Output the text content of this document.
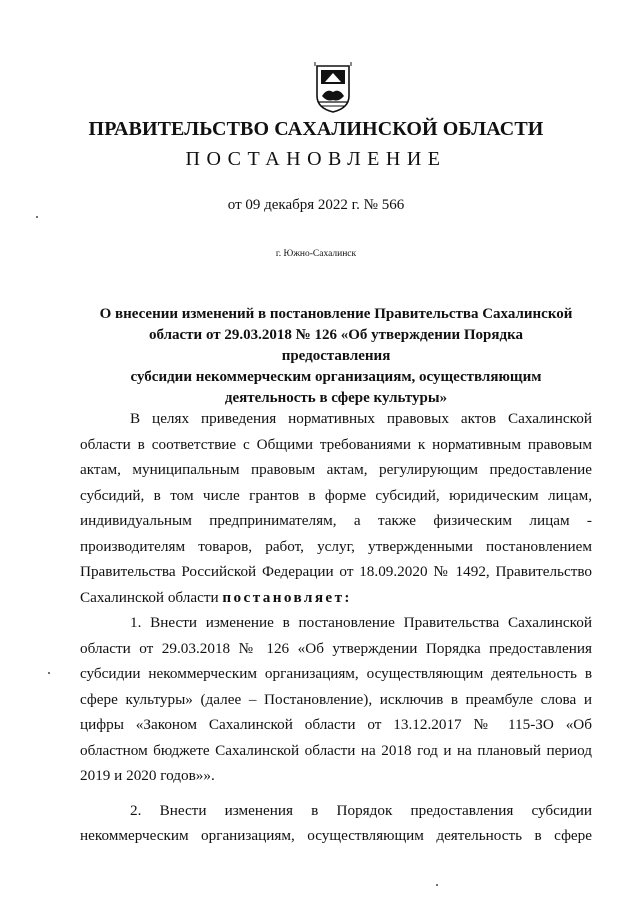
ПРАВИТЕЛЬСТВО САХАЛИНСКОЙ ОБЛАСТИ
ПОСТАНОВЛЕНИЕ
от 09 декабря 2022 г. № 566
г. Южно-Сахалинск
О внесении изменений в постановление Правительства Сахалинской
области от 29.03.2018 № 126 «Об утверждении Порядка предоставления
субсидии некоммерческим организациям, осуществляющим
деятельность в сфере культуры»
В целях приведения нормативных правовых актов Сахалинской
области в соответствие с Общими требованиями к нормативным правовым
актам, муниципальным правовым актам, регулирующим предоставление
субсидий, в том числе грантов в форме субсидий, юридическим лицам,
индивидуальным предпринимателям, а также физическим лицам -
производителям товаров, работ, услуг, утвержденными постановлением
Правительства Российской Федерации от 18.09.2020 № 1492, Правительство
Сахалинской области постановляет:
1. Внести изменение в постановление Правительства Сахалинской
области от 29.03.2018 № 126 «Об утверждении Порядка предоставления
субсидии некоммерческим организациям, осуществляющим деятельность в
сфере культуры» (далее – Постановление), исключив в преамбуле слова и
цифры «Законом Сахалинской области от 13.12.2017 № 115-ЗО «Об
областном бюджете Сахалинской области на 2018 год и на плановый период
2019 и 2020 годов»».
2. Внести изменения в Порядок предоставления субсидии
некоммерческим организациям, осуществляющим деятельность в сфере
